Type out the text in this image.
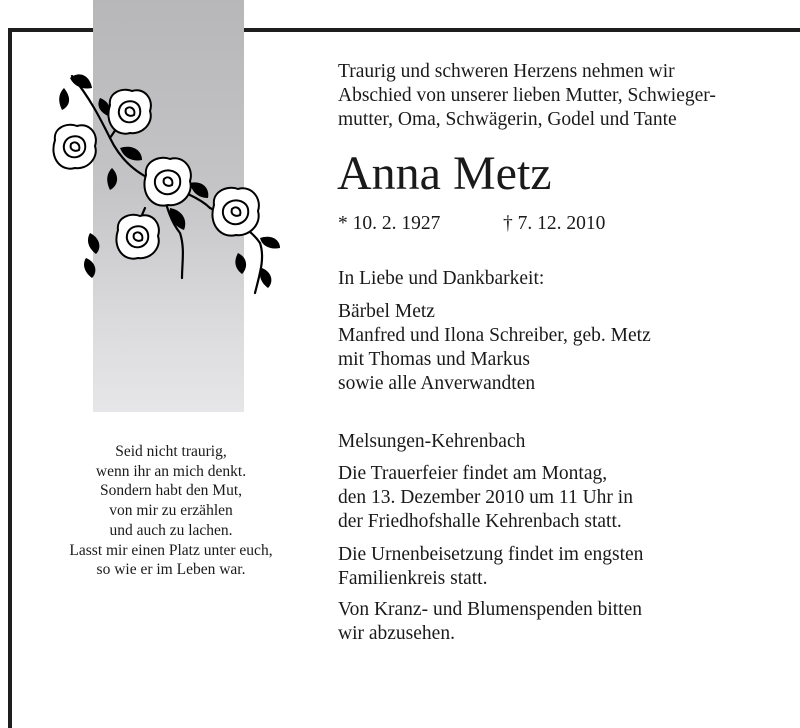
Seid nicht traurig,
wenn ihr an mich denkt.
Sondern habt den Mut,
von mir zu erzählen
und auch zu lachen.
Lasst mir einen Platz unter euch,
so wie er im Leben war.
Traurig und schweren Herzens nehmen wir
Abschied von unserer lieben Mutter, Schwieger-
mutter, Oma, Schwägerin, Godel und Tante
Anna Metz
* 10. 2. 1927	† 7. 12. 2010
In Liebe und Dankbarkeit:
Bärbel Metz
Manfred und Ilona Schreiber, geb. Metz
mit Thomas und Markus
sowie alle Anverwandten
Melsungen-Kehrenbach
Die Trauerfeier findet am Montag,
den 13. Dezember 2010 um 11 Uhr in
der Friedhofshalle Kehrenbach statt.
Die Urnenbeisetzung findet im engsten
Familienkreis statt.
Von Kranz- und Blumenspenden bitten
wir abzusehen.
